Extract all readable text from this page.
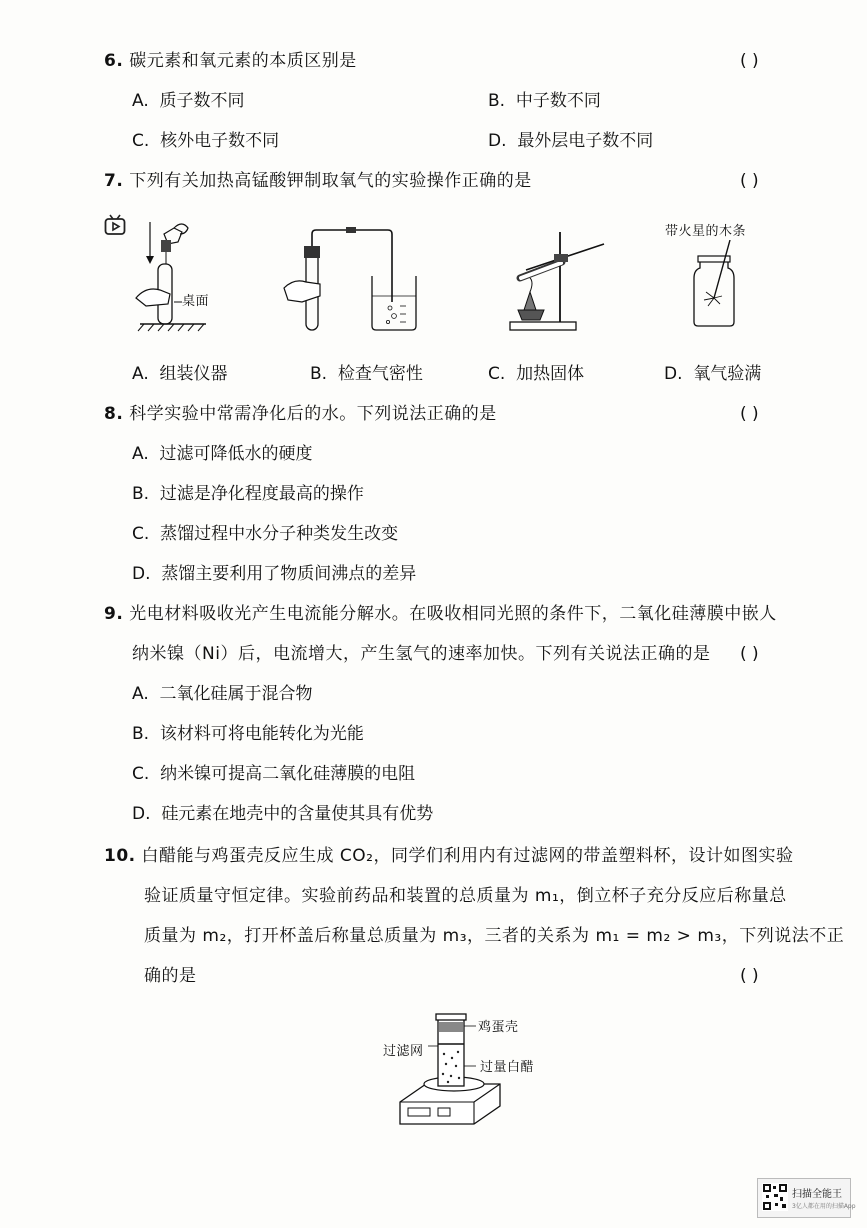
6. 碳元素和氧元素的本质区别是	( )
A. 质子数不同	B. 中子数不同
C. 核外电子数不同	D. 最外层电子数不同
7. 下列有关加热高锰酸钾制取氧气的实验操作正确的是	( )
桌面
带火星的木条
A. 组装仪器	B. 检查气密性	C. 加热固体	D. 氧气验满
8. 科学实验中常需净化后的水。下列说法正确的是	( )
A. 过滤可降低水的硬度
B. 过滤是净化程度最高的操作
C. 蒸馏过程中水分子种类发生改变
D. 蒸馏主要利用了物质间沸点的差异
9. 光电材料吸收光产生电流能分解水。在吸收相同光照的条件下，二氧化硅薄膜中嵌人
纳米镍（Ni）后，电流增大，产生氢气的速率加快。下列有关说法正确的是 ( )
A. 二氧化硅属于混合物
B. 该材料可将电能转化为光能
C. 纳米镍可提高二氧化硅薄膜的电阻
D. 硅元素在地壳中的含量使其具有优势
10. 白醋能与鸡蛋壳反应生成 CO₂，同学们利用内有过滤网的带盖塑料杯，设计如图实验
验证质量守恒定律。实验前药品和装置的总质量为 m₁，倒立杯子充分反应后称量总
质量为 m₂，打开杯盖后称量总质量为 m₃，三者的关系为 m₁ = m₂ > m₃，下列说法不正
确的是	( )
鸡蛋壳
过滤网
过量白醋
扫描全能王
3亿人都在用的扫描App
